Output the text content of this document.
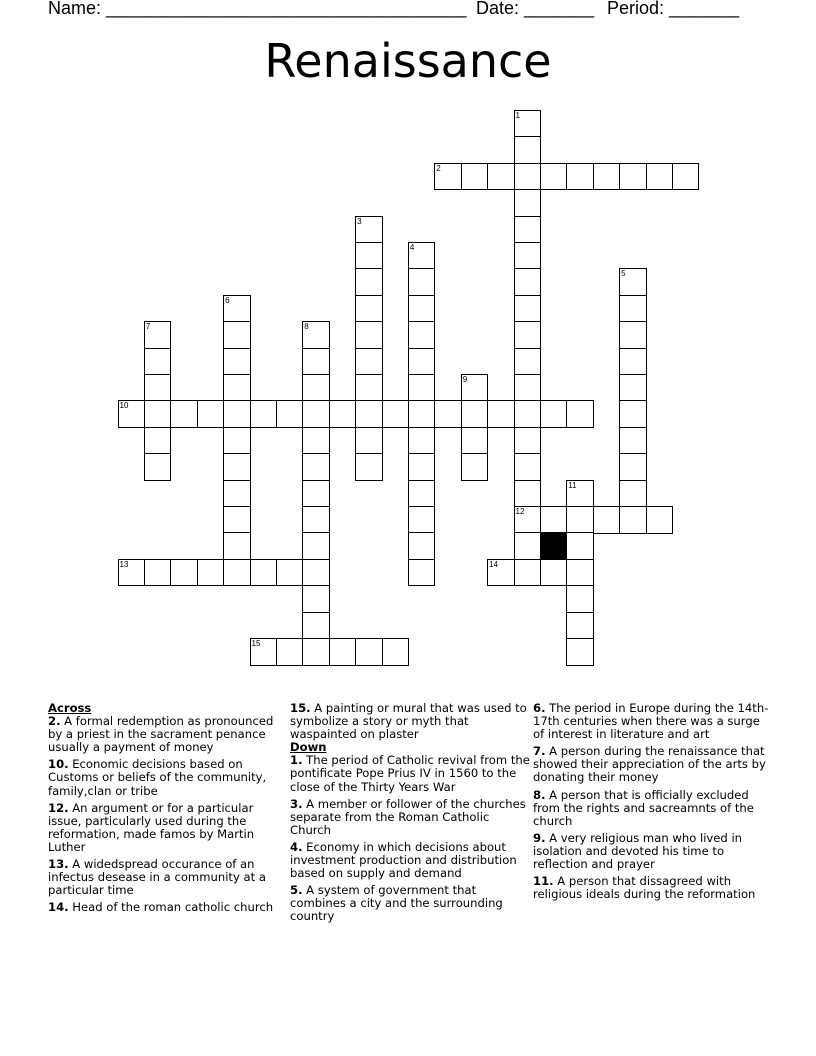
Name: ____________________________________ Date: _______ Period: _______
Renaissance
1
12
2
3
4
5
6
7	8
9
10
11
13	14
15
Across
2. A formal redemption as pronounced by a priest in the sacrament penance usually a payment of money
10. Economic decisions based on Customs or beliefs of the community, family,clan or tribe
12. An argument or for a particular issue, particularly used during the reformation, made famos by Martin Luther
13. A widedspread occurance of an infectus desease in a community at a particular time
14. Head of the roman catholic church
15. A painting or mural that was used to symbolize a story or myth that waspainted on plaster
Down
1. The period of Catholic revival from the pontificate Pope Prius IV in 1560 to the close of the Thirty Years War
3. A member or follower of the churches separate from the Roman Catholic Church
4. Economy in which decisions about investment production and distribution based on supply and demand
5. A system of government that combines a city and the surrounding country
6. The period in Europe during the 14th-17th centuries when there was a surge of interest in literature and art
7. A person during the renaissance that showed their appreciation of the arts by donating their money
8. A person that is officially excluded from the rights and sacreamnts of the church
9. A very religious man who lived in isolation and devoted his time to reflection and prayer
11. A person that dissagreed with religious ideals during the reformation
